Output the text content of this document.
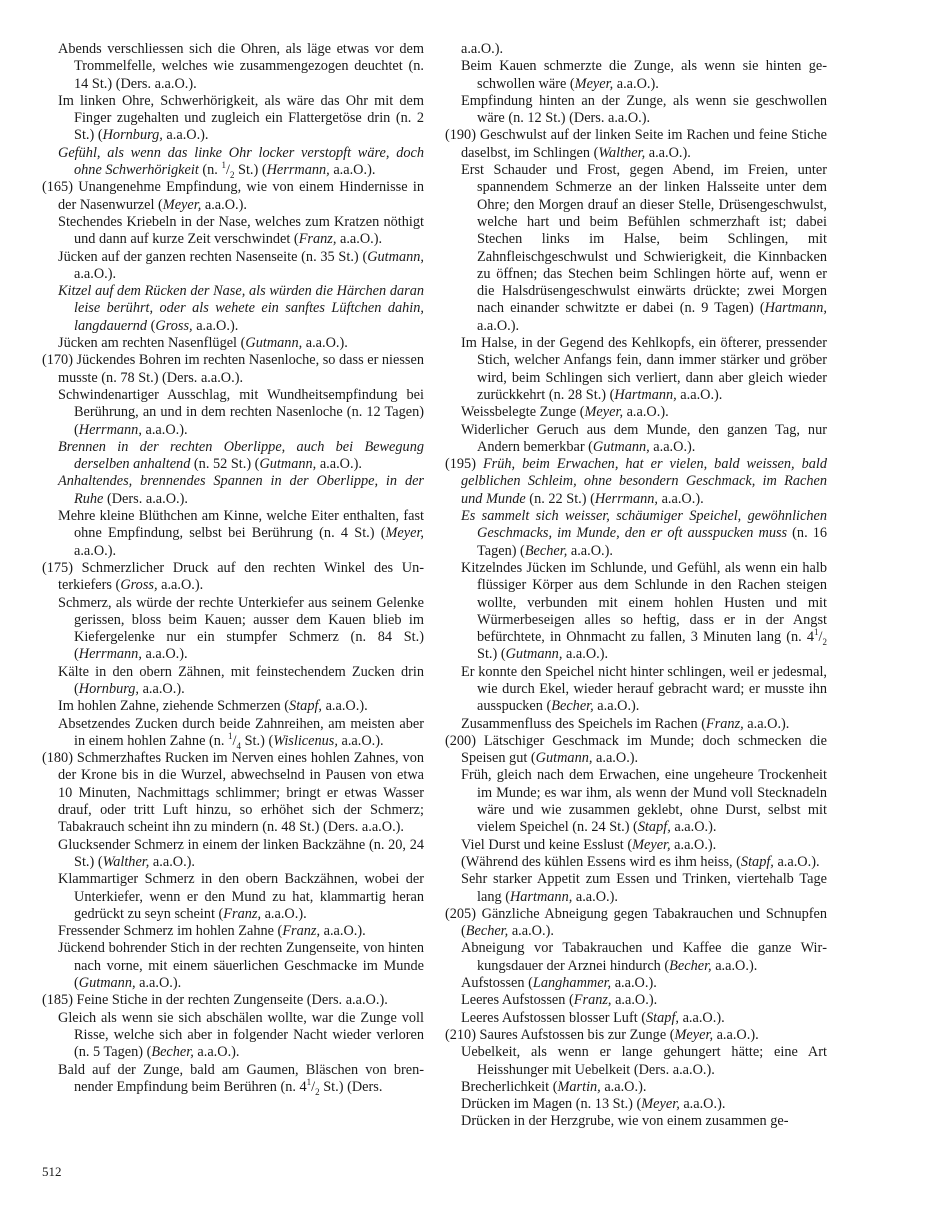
Abends verschliessen sich die Ohren, als läge etwas vor dem Trommelfelle, welches wie zusammengezogen deuchtet (n. 14 St.) (Ders. a.a.O.).
Im linken Ohre, Schwerhörigkeit, als wäre das Ohr mit dem Finger zugehalten und zugleich ein Flattergetöse drin (n. 2 St.) (Hornburg, a.a.O.).
Gefühl, als wenn das linke Ohr locker verstopft wäre, doch ohne Schwerhörigkeit (n. $^1/_2$ St.) (Herrmann, a.a.O.).
(165) Unangenehme Empfindung, wie von einem Hindernisse in der Nasenwurzel (Meyer, a.a.O.).
Stechendes Kriebeln in der Nase, welches zum Kratzen nöthigt und dann auf kurze Zeit verschwindet (Franz, a.a.O.).
Jücken auf der ganzen rechten Nasenseite (n. 35 St.) (Gutmann, a.a.O.).
Kitzel auf dem Rücken der Nase, als würden die Härchen daran leise berührt, oder als wehete ein sanftes Lüftchen dahin, langdauernd (Gross, a.a.O.).
Jücken am rechten Nasenflügel (Gutmann, a.a.O.).
(170) Jückendes Bohren im rechten Nasenloche, so dass er niessen musste (n. 78 St.) (Ders. a.a.O.).
Schwindenartiger Ausschlag, mit Wundheitsempfindung bei Berührung, an und in dem rechten Nasenloche (n. 12 Tagen) (Herrmann, a.a.O.).
Brennen in der rechten Oberlippe, auch bei Bewegung derselben anhaltend (n. 52 St.) (Gutmann, a.a.O.).
Anhaltendes, brennendes Spannen in der Oberlippe, in der Ruhe (Ders. a.a.O.).
Mehre kleine Blüthchen am Kinne, welche Eiter enthalten, fast ohne Empfindung, selbst bei Berührung (n. 4 St.) (Meyer, a.a.O.).
(175) Schmerzlicher Druck auf den rechten Winkel des Unterkiefers (Gross, a.a.O.).
Schmerz, als würde der rechte Unterkiefer aus seinem Gelenke gerissen, bloss beim Kauen; ausser dem Kauen blieb im Kiefergelenke nur ein stumpfer Schmerz (n. 84 St.) (Herrmann, a.a.O.).
Kälte in den obern Zähnen, mit feinstechendem Zucken drin (Hornburg, a.a.O.).
Im hohlen Zahne, ziehende Schmerzen (Stapf, a.a.O.).
Absetzendes Zucken durch beide Zahnreihen, am meisten aber in einem hohlen Zahne (n. $^1/_4$ St.) (Wislicenus, a.a.O.).
(180) Schmerzhaftes Rucken im Nerven eines hohlen Zahnes, von der Krone bis in die Wurzel, abwechselnd in Pausen von etwa 10 Minuten, Nachmittags schlimmer; bringt er etwas Wasser drauf, oder tritt Luft hinzu, so erhöhet sich der Schmerz; Tabakrauch scheint ihn zu mindern (n. 48 St.) (Ders. a.a.O.).
Glucksender Schmerz in einem der linken Backzähne (n. 20, 24 St.) (Walther, a.a.O.).
Klammartiger Schmerz in den obern Backzähnen, wobei der Unterkiefer, wenn er den Mund zu hat, klammartig heran gedrückt zu seyn scheint (Franz, a.a.O.).
Fressender Schmerz im hohlen Zahne (Franz, a.a.O.).
Jückend bohrender Stich in der rechten Zungenseite, von hinten nach vorne, mit einem säuerlichen Geschmacke im Munde (Gutmann, a.a.O.).
(185) Feine Stiche in der rechten Zungenseite (Ders. a.a.O.).
Gleich als wenn sie sich abschälen wollte, war die Zunge voll Risse, welche sich aber in folgender Nacht wieder verloren (n. 5 Tagen) (Becher, a.a.O.).
Bald auf der Zunge, bald am Gaumen, Bläschen von brennender Empfindung beim Berühren (n. $4^1/_2$ St.) (Ders.
a.a.O.).
Beim Kauen schmerzte die Zunge, als wenn sie hinten geschwollen wäre (Meyer, a.a.O.).
Empfindung hinten an der Zunge, als wenn sie geschwollen wäre (n. 12 St.) (Ders. a.a.O.).
(190) Geschwulst auf der linken Seite im Rachen und feine Stiche daselbst, im Schlingen (Walther, a.a.O.).
Erst Schauder und Frost, gegen Abend, im Freien, unter spannendem Schmerze an der linken Halsseite unter dem Ohre; den Morgen drauf an dieser Stelle, Drüsengeschwulst, welche hart und beim Befühlen schmerzhaft ist; dabei Stechen links im Halse, beim Schlingen, mit Zahnfleischgeschwulst und Schwierigkeit, die Kinnbacken zu öffnen; das Stechen beim Schlingen hörte auf, wenn er die Halsdrüsengeschwulst einwärts drückte; zwei Morgen nach einander schwitzte er dabei (n. 9 Tagen) (Hartmann, a.a.O.).
Im Halse, in der Gegend des Kehlkopfs, ein öfterer, pressender Stich, welcher Anfangs fein, dann immer stärker und gröber wird, beim Schlingen sich verliert, dann aber gleich wieder zurückkehrt (n. 28 St.) (Hartmann, a.a.O.).
Weissbelegte Zunge (Meyer, a.a.O.).
Widerlicher Geruch aus dem Munde, den ganzen Tag, nur Andern bemerkbar (Gutmann, a.a.O.).
(195) Früh, beim Erwachen, hat er vielen, bald weissen, bald gelblichen Schleim, ohne besondern Geschmack, im Rachen und Munde (n. 22 St.) (Herrmann, a.a.O.).
Es sammelt sich weisser, schäumiger Speichel, gewöhnlichen Geschmacks, im Munde, den er oft ausspucken muss (n. 16 Tagen) (Becher, a.a.O.).
Kitzelndes Jücken im Schlunde, und Gefühl, als wenn ein halb flüssiger Körper aus dem Schlunde in den Rachen steigen wollte, verbunden mit einem hohlen Husten und mit Würmerbeseigen alles so heftig, dass er in der Angst befürchtete, in Ohnmacht zu fallen, 3 Minuten lang (n. $4^1/_2$ St.) (Gutmann, a.a.O.).
Er konnte den Speichel nicht hinter schlingen, weil er jedesmal, wie durch Ekel, wieder herauf gebracht ward; er musste ihn ausspucken (Becher, a.a.O.).
Zusammenfluss des Speichels im Rachen (Franz, a.a.O.).
(200) Lätschiger Geschmack im Munde; doch schmecken die Speisen gut (Gutmann, a.a.O.).
Früh, gleich nach dem Erwachen, eine ungeheure Trockenheit im Munde; es war ihm, als wenn der Mund voll Stecknadeln wäre und wie zusammen geklebt, ohne Durst, selbst mit vielem Speichel (n. 24 St.) (Stapf, a.a.O.).
Viel Durst und keine Esslust (Meyer, a.a.O.).
(Während des kühlen Essens wird es ihm heiss, (Stapf, a.a.O.).
Sehr starker Appetit zum Essen und Trinken, viertehalb Tage lang (Hartmann, a.a.O.).
(205) Gänzliche Abneigung gegen Tabakrauchen und Schnupfen (Becher, a.a.O.).
Abneigung vor Tabakrauchen und Kaffee die ganze Wirkungsdauer der Arznei hindurch (Becher, a.a.O.).
Aufstossen (Langhammer, a.a.O.).
Leeres Aufstossen (Franz, a.a.O.).
Leeres Aufstossen blosser Luft (Stapf, a.a.O.).
(210) Saures Aufstossen bis zur Zunge (Meyer, a.a.O.).
Uebelkeit, als wenn er lange gehungert hätte; eine Art Heisshunger mit Uebelkeit (Ders. a.a.O.).
Brecherlichkeit (Martin, a.a.O.).
Drücken im Magen (n. 13 St.) (Meyer, a.a.O.).
Drücken in der Herzgrube, wie von einem zusammen ge-
512
